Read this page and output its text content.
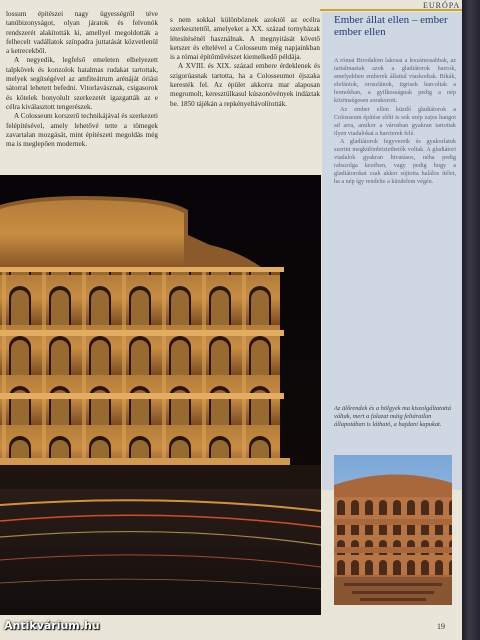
EURÓPA

lossum építészei nagy ügyességről téve tanúbizonyságot, olyan járatok és felvonók rendszerét alakították ki, amellyel megoldották a felhecelt vadállatok színpadra juttatását közvetlenül a ketrecekből.

A negyedik, legfelső emeleten elhelyezett talpkövek és konzolok hatalmas rudakat tartottak, melyek segítségével az amfiteátrum arénáját óriási sátorral lehetett befedni. Vitorlavásznak, csigasorok és kötelek bonyolult szerkezetét igazgatták az e célra kiválasztott tengerészek.

A Colosseum korszerű technikájával és szerkezeti felépítésével, amely lehetővé tette a tömegek zavartalan mozgását, mint építészeti megoldás még ma is meglepően modernek.

s nem sokkal különböznek azoktól az ecélra szerkesztettől, amelyeket a XX. század tornyházak létesítésénél használnak. A megnyitását követő ketszer és eltelével a Colosseum még napjainkban is a római építőművészet kiemelkedő példája.

A XVIII. és XIX. század embere érdeklenek és szigorúasnak tartotta, ha a Colosseumot éjszaka keresték fel. Az épület akkorra mar alaposan megromolt, keresztülkasul kúszonövények indáztak be. 1850 tájékán a repkényeltávolították.

Ember állat ellen – ember ember ellen

A római Birodalom lakosai a leszámosabbak, az tartalmaztak azok a gladiátorok harcok, amelyekben emberek állattal viaskodtak. Bikák, elefántok, oroszlánok, tigrisek harcoltak a homokban, a gyilkosságnak pedig a nép közönségesen sorakozott.

Az ember ellen küzdő gladiátorok a Colosseum építése előtt is sok szép zajos hangot ad arra, amikor a városban gyakran tartottak ilyen viadalokat a harcterek felé.

A gladiátorok fegyvereik és gyakorlatuk szerint megkülönböztethetők voltak. A gladiátori viadalok gyakran hivatásos, néha pedig rabszolga kezében, vagy pedig hogy a gladiátorokat csak akkor sújtotta halálos ítélet, ha a nép így rendelte a küzdelem végén.

Az ülőrendek és a hölgyek ma kiszolgáltatottá váltak, mert a falazat máig feltáratlan állapotában is látható, a hajdani kapukat.
19
Antikvárium.hu
